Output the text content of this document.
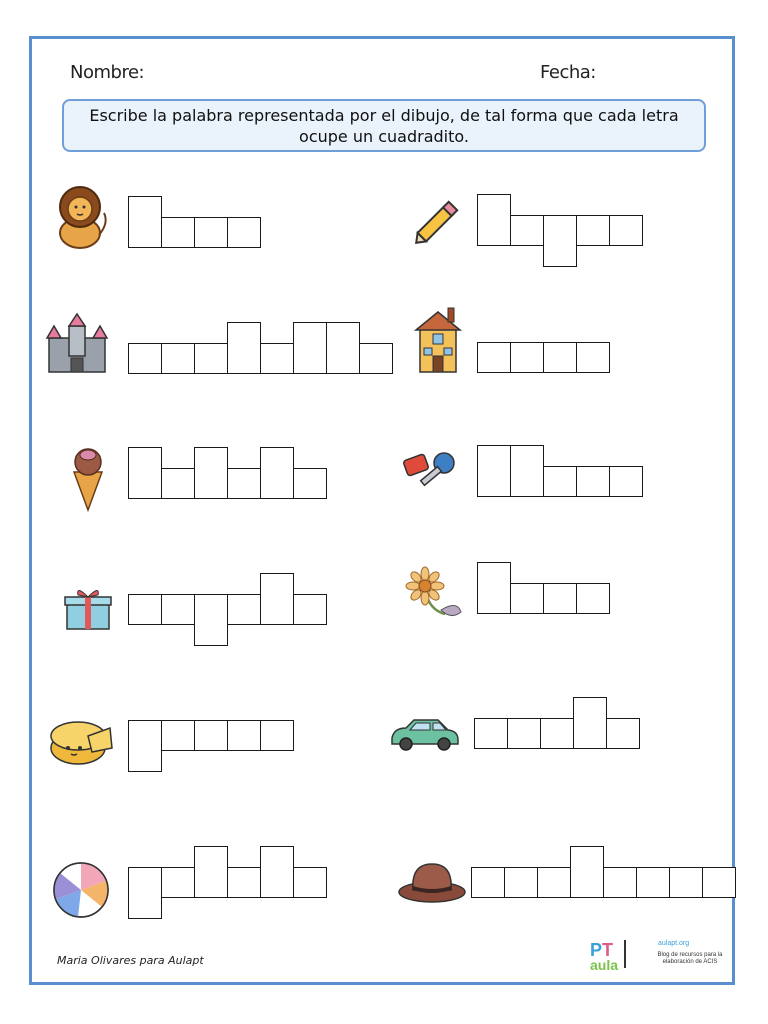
Nombre:	Fecha:
Escribe la palabra representada por el dibujo, de tal forma que cada letra ocupe un cuadradito.
Maria Olivares para Aulapt
P T
aula
aulapt.org
Blog de recursos para la elaboración de ACIS
